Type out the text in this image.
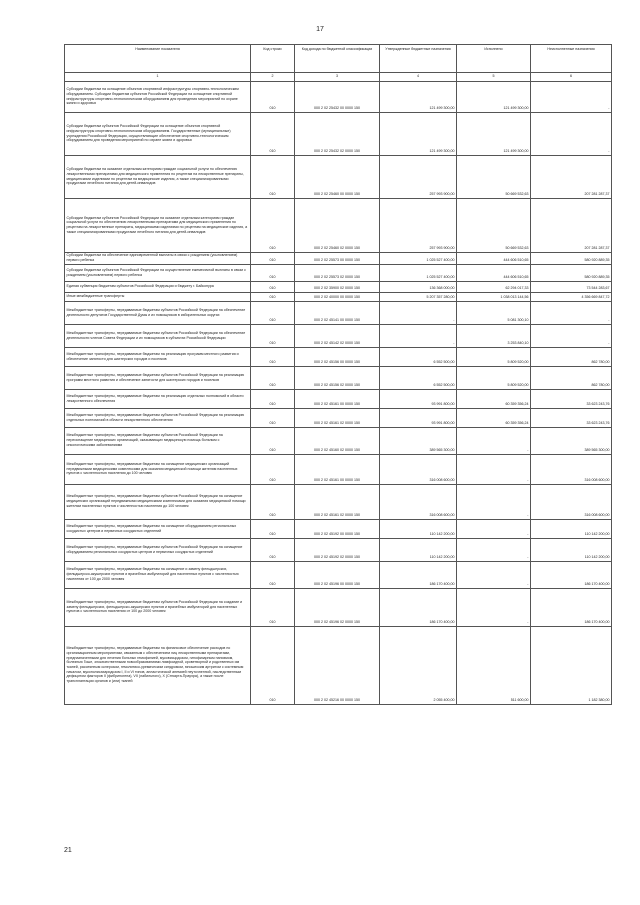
17
Наименование показателя	Код строки	Код дохода по бюджетной классификации	Утвержденные бюджетные назначения	Исполнено	Неисполненные назначения
1	2	3	4	5	6
Субсидии бюджетам на оснащение объектов спортивной инфраструктуры спортивно-технологическим оборудованием. Субсидии бюджетам субъектов Российской Федерации на оснащение спортивной инфраструктуры спортивно-технологическим оборудованием для проведения мероприятий по охране жизни и здоровья	010	000 2 02 25432 00 0000 150	121 499 300,00	121 499 300,00	-
Субсидии бюджетам субъектов Российской Федерации на оснащение объектов спортивной инфраструктуры спортивно-технологическим оборудованием. Государственные (муниципальные) учреждения Российской Федерации, осуществляющие обеспечение спортивно-технологическим оборудованием для проведения мероприятий по охране жизни и здоровья	010	000 2 02 25432 02 0000 150	121 499 300,00	121 499 300,00	-
Субсидии бюджетам на оказание отдельным категориям граждан социальной услуги по обеспечению лекарственными препаратами для медицинского применения по рецептам на лекарственные препараты, медицинскими изделиями по рецептам на медицинские изделия, а также специализированными продуктами лечебного питания для детей-инвалидов	010	000 2 02 25460 00 0000 150	257 993 900,00	50 669 532,63	207 281 287,37
Субсидии бюджетам субъектов Российской Федерации на оказание отдельным категориям граждан социальной услуги по обеспечению лекарственными препаратами для медицинского применения по рецептам на лекарственные препараты, медицинскими изделиями по рецептам на медицинские изделия, а также специализированными продуктами лечебного питания для детей-инвалидов	010	000 2 02 25460 02 0000 150	257 993 900,00	50 669 532,63	207 281 287,37
Субсидии бюджетам на обеспечение единовременной выплаты в связи с рождением (усыновлением) первого ребенка	010	000 2 02 25573 00 0000 150	1 025 527 400,00	444 606 510,65	580 920 889,35
Субсидии бюджетам субъектов Российской Федерации на осуществление ежемесячной выплаты в связи с рождением (усыновлением) первого ребенка	010	000 2 02 25573 02 0000 150	1 025 527 400,00	444 606 510,65	580 920 889,35
Единая субвенция бюджетам субъектов Российской Федерации и бюджету г. Байконура	010	000 2 02 35900 02 0000 150	136 368 000,00	62 294 017,33	73 544 283,67
Иные межбюджетные трансферты	010	000 2 02 40000 00 0000 150	5 207 357 280,00	1 038 013 144,56	4 356 669 847,72
Межбюджетные трансферты, передаваемые бюджетам субъектов Российской Федерации на обеспечение деятельности депутатов Государственной Думы и их помощников в избирательных округах	010	000 2 02 45141 00 0000 150	-	5 081 300,10	-
Межбюджетные трансферты, передаваемые бюджетам субъектов Российской Федерации на обеспечение деятельности членов Совета Федерации и их помощников в субъектах Российской Федерации	010	000 2 02 45142 02 0000 150	-	3 253 840,10	-
Межбюджетные трансферты, передаваемые бюджетам на реализацию программ местного развития и обеспечение занятости для шахтерских городов и поселков	010	000 2 02 45156 00 0000 150	6 552 500,00	5 809 520,00	862 780,00
Межбюджетные трансферты, передаваемые бюджетам субъектов Российской Федерации на реализацию программ местного развития и обеспечение занятости для шахтерских городов и поселков	010	000 2 02 45156 02 0000 150	6 552 500,00	5 809 520,00	862 780,00
Межбюджетные трансферты, передаваемые бюджетам на реализацию отдельных полномочий в области лекарственного обеспечения	010	000 2 02 45161 00 0000 150	93 991 800,00	60 359 356,24	33 623 243,76
Межбюджетные трансферты, передаваемые бюджетам субъектов Российской Федерации на реализацию отдельных полномочий в области лекарственного обеспечения	010	000 2 02 45161 02 0000 150	93 991 800,00	60 359 356,24	33 623 243,76
Межбюджетные трансферты, передаваемые бюджетам субъектов Российской Федерации на переоснащение медицинских организаций, оказывающих медицинскую помощь больным с онкологическими заболеваниями	010	000 2 02 45160 02 0000 150	389 565 300,00	-	389 565 300,00
Межбюджетные трансферты, передаваемые бюджетам на оснащение медицинских организаций передвижными медицинскими комплексами для оказания медицинской помощи жителям населенных пунктов с численностью населения до 100 человек	010	000 2 02 45161 00 0000 150	316 008 600,00	-	316 008 600,00
Межбюджетные трансферты, передаваемые бюджетам субъектов Российской Федерации на оснащение медицинских организаций передвижными медицинскими комплексами для оказания медицинской помощи жителям населенных пунктов с численностью населения до 100 человек	010	000 2 02 45161 02 0000 150	316 008 600,00	-	316 008 600,00
Межбюджетные трансферты, передаваемые бюджетам на оснащение оборудованием региональных сосудистых центров и первичных сосудистых отделений	010	000 2 02 45192 00 0000 150	110 142 200,00	-	110 142 200,00
Межбюджетные трансферты, передаваемые бюджетам субъектов Российской Федерации на оснащение оборудованием региональных сосудистых центров и первичных сосудистых отделений	010	000 2 02 45192 02 0000 150	110 142 200,00	-	110 142 200,00
Межбюджетные трансферты, передаваемые бюджетам на оснащение и замену фельдшерских, фельдшерско-акушерских пунктов и врачебных амбулаторий для населенных пунктов с численностью населения от 100 до 2000 человек	010	000 2 02 45196 00 0000 150	186 170 400,00	-	186 170 400,00
Межбюджетные трансферты, передаваемые бюджетам субъектов Российской Федерации на создание и замену фельдшерских, фельдшерско-акушерских пунктов и врачебных амбулаторий для населенных пунктов с численностью населения от 100 до 2000 человек	010	000 2 02 45196 02 0000 150	186 170 400,00	-	186 170 400,00
Межбюджетные трансферты, передаваемые бюджетам на финансовое обеспечение расходов по организационным мероприятиям, связанным с обеспечением лиц лекарственными препаратами, предназначенными для лечения больных гемофилией, муковисцидозом, гипофизарным нанизмом, болезнью Гоше, злокачественными новообразованиями лимфоидной, кроветворной и родственных им тканей, рассеянным склерозом, гемолитико-уремическим синдромом, юношеским артритом с системным началом, мукополисахаридозом I, II и VI типов, апластической анемией неуточненной, наследственным дефицитом факторов II (фибриногена), VII (лабильного), X (Стюарта-Прауэра), а также после трансплантации органов и (или) тканей	010	000 2 02 45216 00 0000 150	2 055 400,00	511 600,00	1 182 380,00
21
